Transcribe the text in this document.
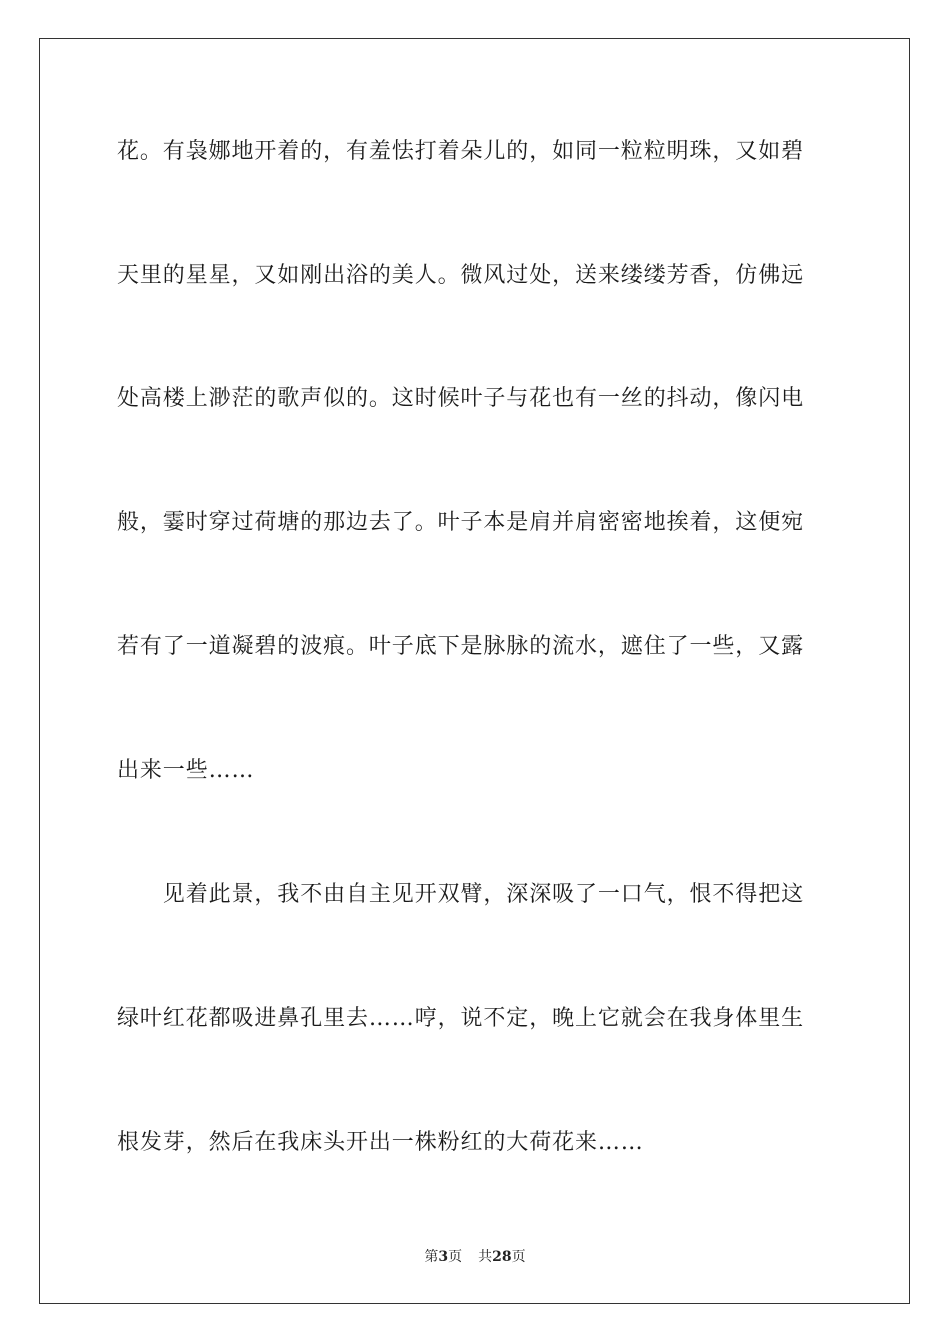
花。有袅娜地开着的，有羞怯打着朵儿的，如同一粒粒明珠，又如碧
天里的星星，又如刚出浴的美人。微风过处，送来缕缕芳香，仿佛远
处高楼上渺茫的歌声似的。这时候叶子与花也有一丝的抖动，像闪电
般，霎时穿过荷塘的那边去了。叶子本是肩并肩密密地挨着，这便宛
若有了一道凝碧的波痕。叶子底下是脉脉的流水，遮住了一些，又露
出来一些……
　　见着此景，我不由自主见开双臂，深深吸了一口气，恨不得把这
绿叶红花都吸进鼻孔里去……哼，说不定，晚上它就会在我身体里生
根发芽，然后在我床头开出一株粉红的大荷花来……
第3页 共28页
